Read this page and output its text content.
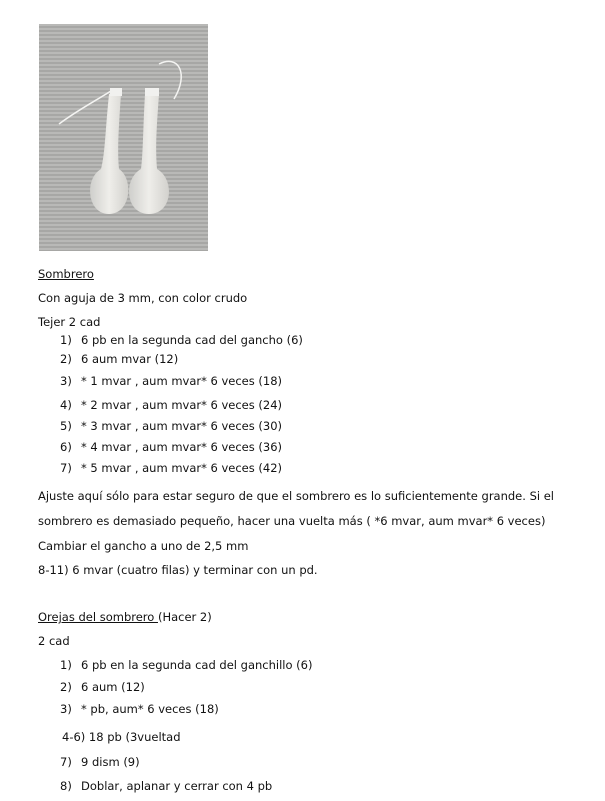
Sombrero
Con aguja de 3 mm, con color crudo
Tejer 2 cad
1) 6 pb en la segunda cad del gancho (6)
2) 6 aum mvar (12)
3) * 1 mvar , aum mvar* 6 veces (18)
4) * 2 mvar , aum mvar* 6 veces (24)
5) * 3 mvar , aum mvar* 6 veces (30)
6) * 4 mvar , aum mvar* 6 veces (36)
7) * 5 mvar , aum mvar* 6 veces (42)
Ajuste aquí sólo para estar seguro de que el sombrero es lo suficientemente grande. Si el
sombrero es demasiado pequeño, hacer una vuelta más ( *6 mvar, aum mvar* 6 veces)
Cambiar el gancho a uno de 2,5 mm
8-11) 6 mvar (cuatro filas) y terminar con un pd.
Orejas del sombrero (Hacer 2)
2 cad
1) 6 pb en la segunda cad del ganchillo (6)
2) 6 aum (12)
3) * pb, aum* 6 veces (18)
4-6) 18 pb (3vueltad
7) 9 dism (9)
8) Doblar, aplanar y cerrar con 4 pb
